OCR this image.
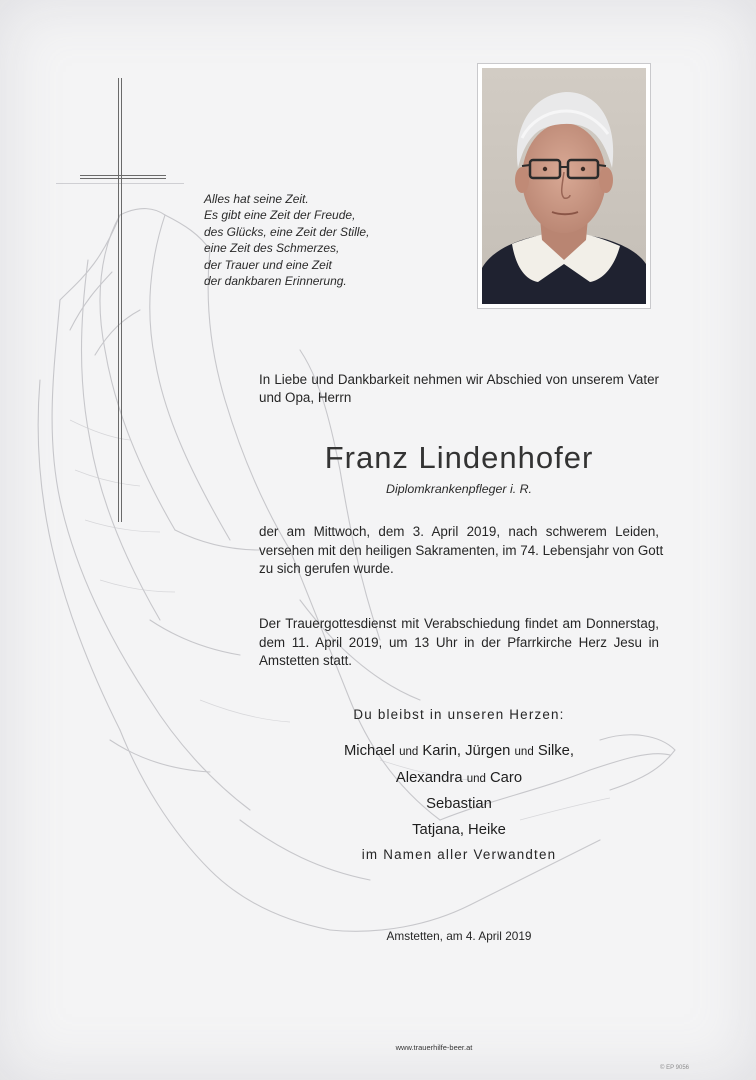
Alles hat seine Zeit.
Es gibt eine Zeit der Freude,
des Glücks, eine Zeit der Stille,
eine Zeit des Schmerzes,
der Trauer und eine Zeit
der dankbaren Erinnerung.
In Liebe und Dankbarkeit nehmen wir Abschied von unserem Vater
und Opa, Herrn
Franz Lindenhofer
Diplomkrankenpfleger i. R.
der am Mittwoch, dem 3. April 2019, nach schwerem Leiden,
versehen mit den heiligen Sakramenten, im 74. Lebensjahr von Gott
zu sich gerufen wurde.
Der Trauergottesdienst mit Verabschiedung findet am Donnerstag,
dem 11. April 2019, um 13 Uhr in der Pfarrkirche Herz Jesu in
Amstetten statt.
Du bleibst in unseren Herzen:
Michael und Karin, Jürgen und Silke,
Alexandra und Caro
Sebastian
Tatjana, Heike
im Namen aller Verwandten
Amstetten, am 4. April 2019
www.trauerhilfe-beer.at
© EP 9056
